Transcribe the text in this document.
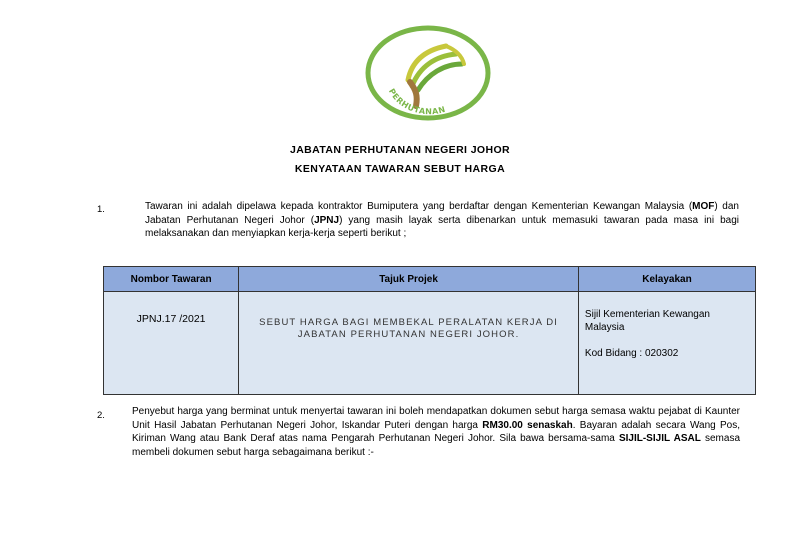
PERHUTANAN
JABATAN PERHUTANAN NEGERI JOHOR
KENYATAAN TAWARAN SEBUT HARGA
1.	Tawaran ini adalah dipelawa kepada kontraktor Bumiputera yang berdaftar dengan Kementerian Kewangan Malaysia (MOF) dan Jabatan Perhutanan Negeri Johor (JPNJ) yang masih layak serta dibenarkan untuk memasuki tawaran pada masa ini bagi melaksanakan dan menyiapkan kerja-kerja seperti berikut ;
Nombor Tawaran	Tajuk Projek	Kelayakan
JPNJ.17 /2021	SEBUT HARGA BAGI MEMBEKAL PERALATAN KERJA DI JABATAN PERHUTANAN NEGERI JOHOR.	Sijil Kementerian Kewangan Malaysia

Kod Bidang : 020302

2.	Penyebut harga yang berminat untuk menyertai tawaran ini boleh mendapatkan dokumen sebut harga semasa waktu pejabat di Kaunter Unit Hasil Jabatan Perhutanan Negeri Johor, Iskandar Puteri dengan harga RM30.00 senaskah. Bayaran adalah secara Wang Pos, Kiriman Wang atau Bank Deraf atas nama Pengarah Perhutanan Negeri Johor. Sila bawa bersama-sama SIJIL-SIJIL ASAL semasa membeli dokumen sebut harga sebagaimana berikut :-
